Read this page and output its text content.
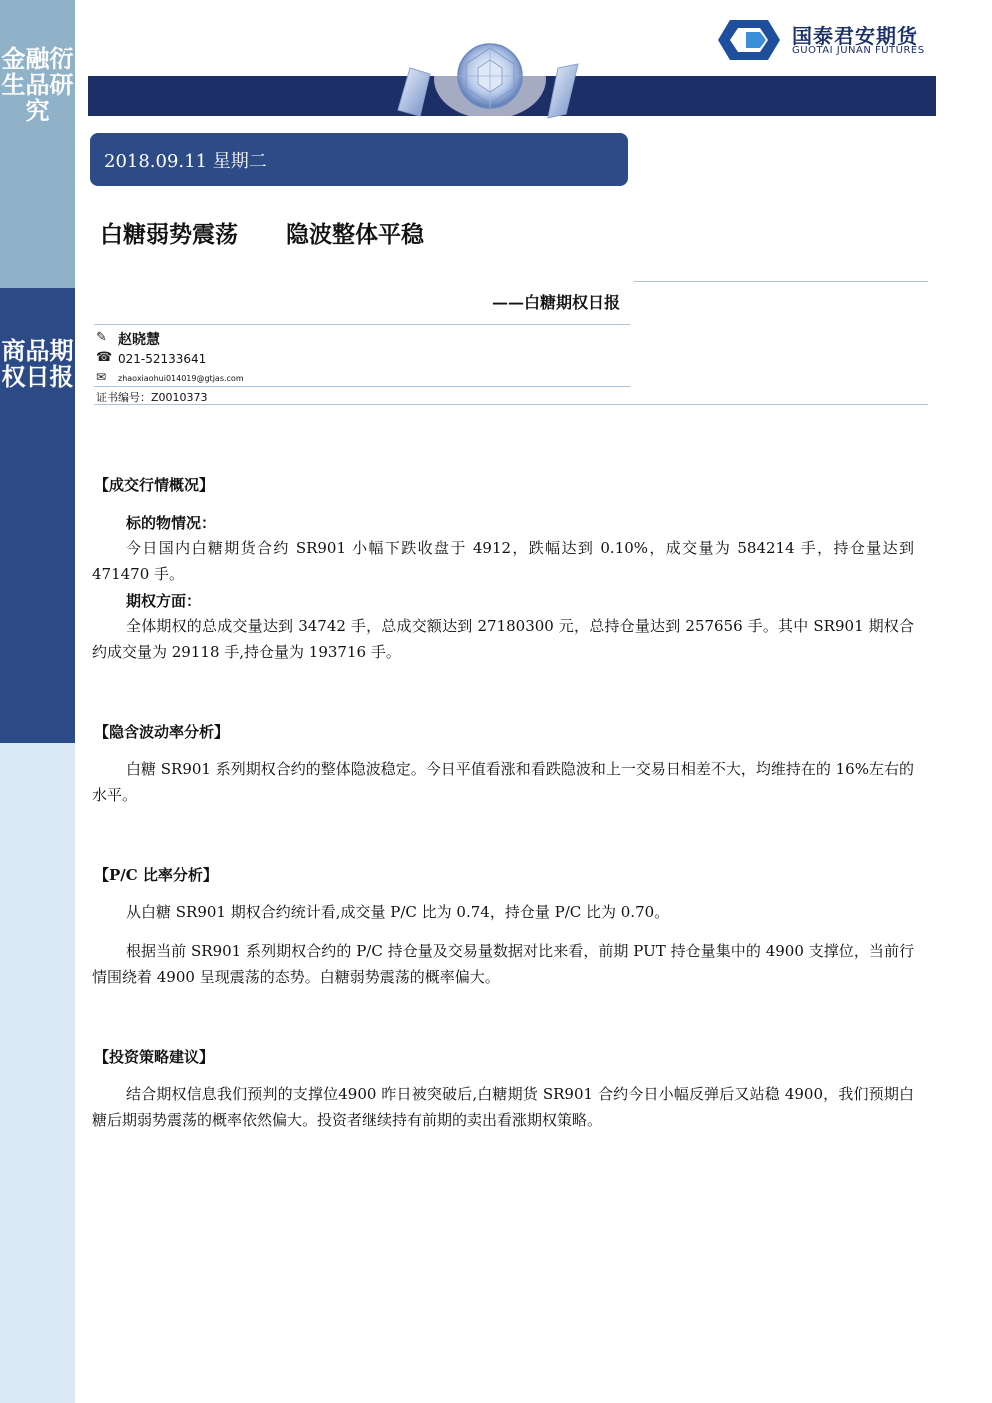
金融衍生品研究
商品期权日报
国泰君安期货
GUOTAI JUNAN FUTURES
2018.09.11 星期二
白糖弱势震荡      隐波整体平稳
——白糖期权日报
✎ 赵晓慧
☎ 021-52133641
✉ zhaoxiaohui014019@gtjas.com
证书编号：Z0010373
【成交行情概况】
标的物情况：
今日国内白糖期货合约 SR901 小幅下跌收盘于 4912，跌幅达到 0.10%，成交量为 584214 手，持仓量达到 471470 手。
期权方面：
全体期权的总成交量达到 34742 手，总成交额达到 27180300 元，总持仓量达到 257656 手。其中 SR901 期权合约成交量为 29118 手,持仓量为 193716 手。
【隐含波动率分析】
白糖 SR901 系列期权合约的整体隐波稳定。今日平值看涨和看跌隐波和上一交易日相差不大，均维持在的 16%左右的水平。
【P/C 比率分析】
从白糖 SR901 期权合约统计看,成交量 P/C 比为 0.74，持仓量 P/C 比为 0.70。
根据当前 SR901 系列期权合约的 P/C 持仓量及交易量数据对比来看，前期 PUT 持仓量集中的 4900 支撑位，当前行情围绕着 4900 呈现震荡的态势。白糖弱势震荡的概率偏大。
【投资策略建议】
结合期权信息我们预判的支撑位4900 昨日被突破后,白糖期货 SR901 合约今日小幅反弹后又站稳 4900，我们预期白糖后期弱势震荡的概率依然偏大。投资者继续持有前期的卖出看涨期权策略。
